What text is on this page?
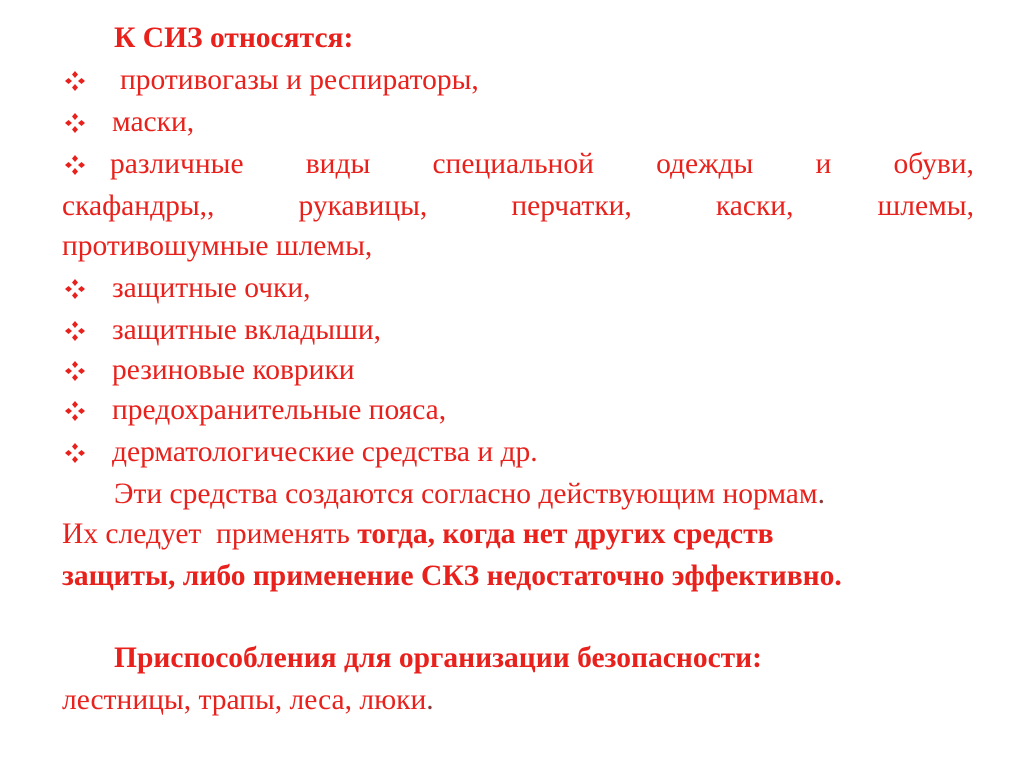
К СИЗ относятся:
противогазы и респираторы,
маски,
различные виды специальной одежды и обуви,
скафандры,,	рукавицы,	перчатки,	каски,	шлемы,
противошумные шлемы,
защитные очки,
защитные вкладыши,
резиновые коврики
предохранительные пояса,
дерматологические средства и др.
Эти средства создаются согласно действующим нормам.
Их следует  применять тогда, когда нет других средств
защиты, либо применение СКЗ недостаточно эффективно.
Приспособления для организации безопасности:
лестницы, трапы, леса, люки.
